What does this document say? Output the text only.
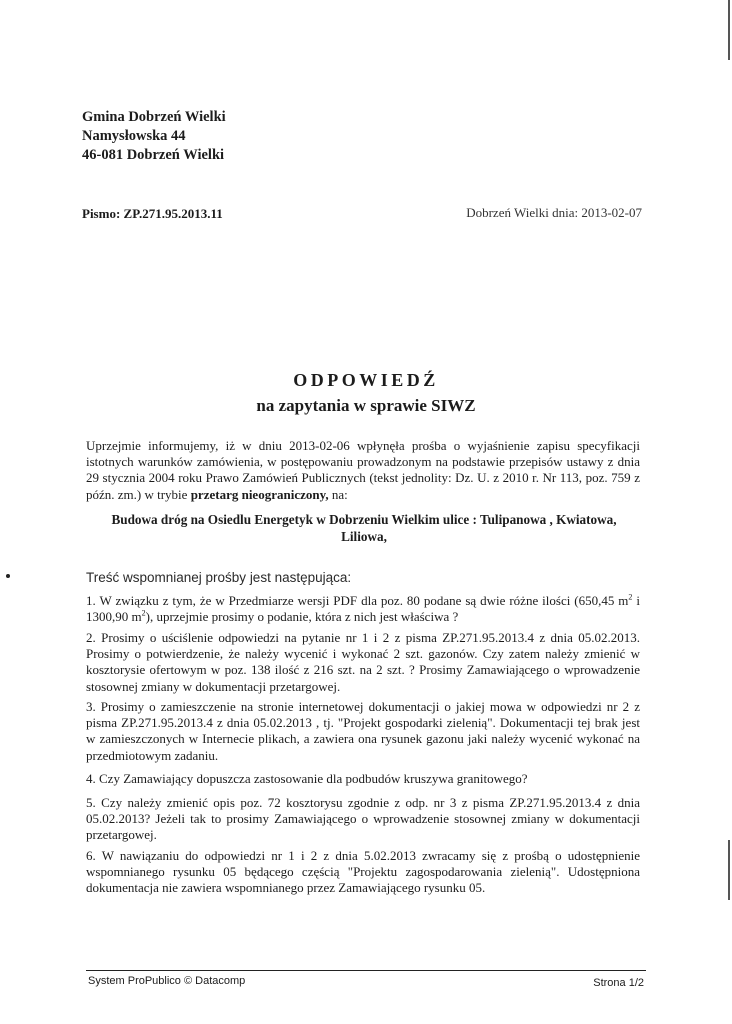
Gmina Dobrzeń Wielki
Namysłowska 44
46-081 Dobrzeń Wielki
Pismo: ZP.271.95.2013.11	Dobrzeń Wielki dnia: 2013-02-07
ODPOWIEDŹ
na zapytania w sprawie SIWZ
Uprzejmie informujemy, iż w dniu 2013-02-06 wpłynęła prośba o wyjaśnienie zapisu specyfikacji istotnych warunków zamówienia, w postępowaniu prowadzonym na podstawie przepisów ustawy z dnia 29 stycznia 2004 roku Prawo Zamówień Publicznych (tekst jednolity: Dz. U. z 2010 r. Nr 113, poz. 759 z późn. zm.) w trybie przetarg nieograniczony, na:
Budowa dróg na Osiedlu Energetyk w Dobrzeniu Wielkim ulice : Tulipanowa , Kwiatowa, Liliowa,
Treść wspomnianej prośby jest następująca:
1. W związku z tym, że w Przedmiarze wersji PDF dla poz. 80 podane są dwie różne ilości (650,45 $m^2$ i 1300,90 $m^2$), uprzejmie prosimy o podanie, która z nich jest właściwa ?
2. Prosimy o uściślenie odpowiedzi na pytanie nr 1 i 2 z pisma ZP.271.95.2013.4 z dnia 05.02.2013. Prosimy o potwierdzenie, że należy wycenić i wykonać 2 szt. gazonów. Czy zatem należy zmienić w kosztorysie ofertowym w poz. 138 ilość z 216 szt. na 2 szt. ? Prosimy Zamawiającego o wprowadzenie stosownej zmiany w dokumentacji przetargowej.
3. Prosimy o zamieszczenie na stronie internetowej dokumentacji o jakiej mowa w odpowiedzi nr 2 z pisma ZP.271.95.2013.4 z dnia 05.02.2013 , tj. "Projekt gospodarki zielenią". Dokumentacji tej brak jest w zamieszczonych w Internecie plikach, a zawiera ona rysunek gazonu jaki należy wycenić wykonać na przedmiotowym zadaniu.
4. Czy Zamawiający dopuszcza zastosowanie dla podbudów kruszywa granitowego?
5. Czy należy zmienić opis poz. 72 kosztorysu zgodnie z odp. nr 3 z pisma ZP.271.95.2013.4 z dnia 05.02.2013? Jeżeli tak to prosimy Zamawiającego o wprowadzenie stosownej zmiany w dokumentacji przetargowej.
6. W nawiązaniu do odpowiedzi nr 1 i 2 z dnia 5.02.2013 zwracamy się z prośbą o udostępnienie wspomnianego rysunku 05 będącego częścią "Projektu zagospodarowania zielenią". Udostępniona dokumentacja nie zawiera wspomnianego przez Zamawiającego rysunku 05.
System ProPublico © Datacomp	Strona 1/2
